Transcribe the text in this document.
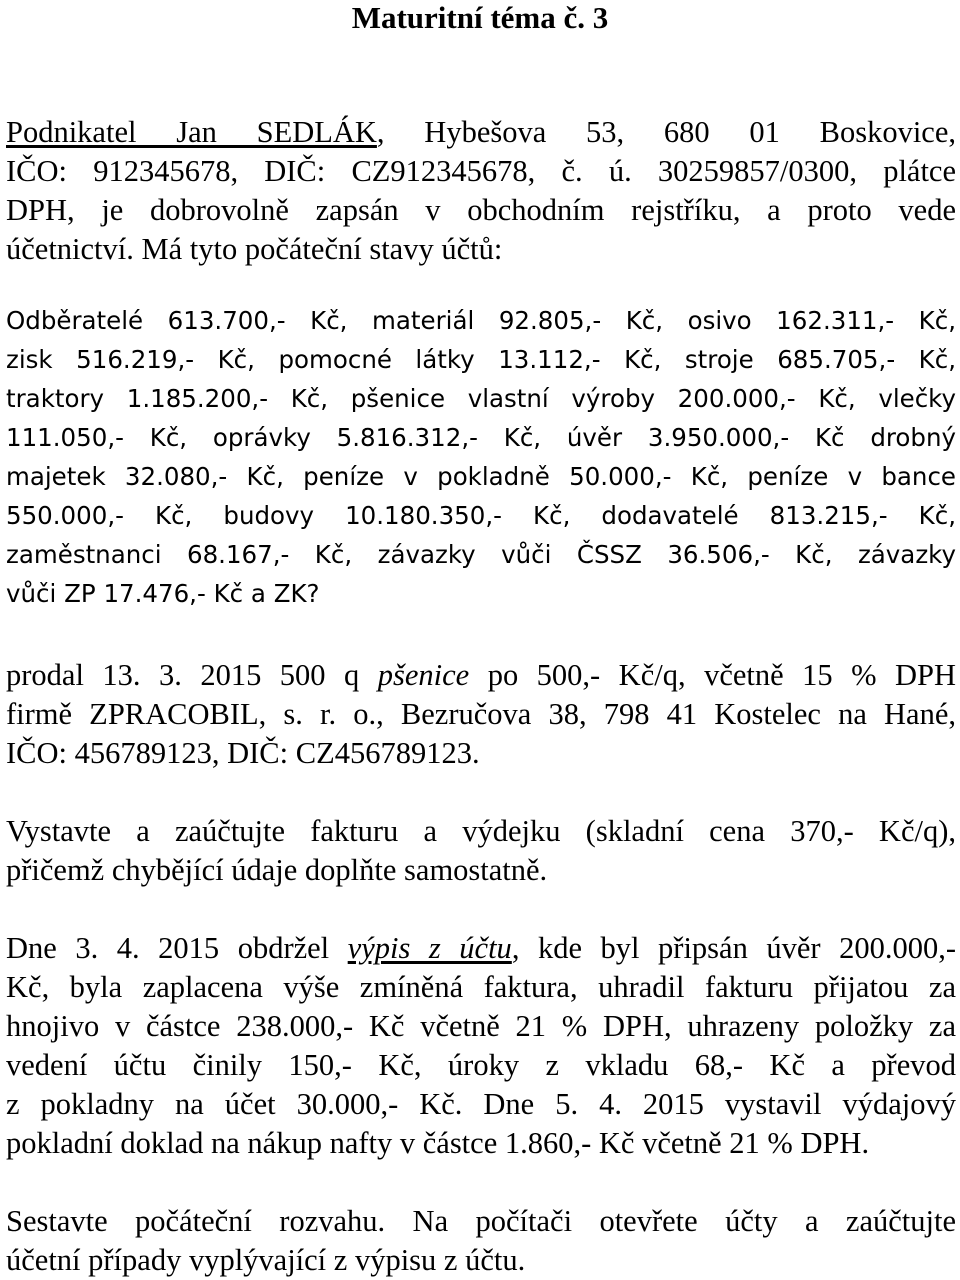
Maturitní téma č. 3
Podnikatel Jan SEDLÁK, Hybešova 53, 680 01 Boskovice,
IČO: 912345678, DIČ: CZ912345678, č. ú. 30259857/0300, plátce
DPH, je dobrovolně zapsán v obchodním rejstříku, a proto vede
účetnictví. Má tyto počáteční stavy účtů:
Odběratelé 613.700,- Kč, materiál 92.805,- Kč, osivo 162.311,- Kč,
zisk 516.219,- Kč, pomocné látky 13.112,- Kč, stroje 685.705,- Kč,
traktory 1.185.200,- Kč, pšenice vlastní výroby 200.000,- Kč, vlečky
111.050,- Kč, oprávky 5.816.312,- Kč, úvěr 3.950.000,- Kč drobný
majetek 32.080,- Kč, peníze v pokladně 50.000,- Kč, peníze v bance
550.000,- Kč, budovy 10.180.350,- Kč, dodavatelé 813.215,- Kč,
zaměstnanci 68.167,- Kč, závazky vůči ČSSZ 36.506,- Kč, závazky
vůči ZP 17.476,- Kč a ZK?
prodal 13. 3. 2015 500 q pšenice po 500,- Kč/q, včetně 15 % DPH
firmě ZPRACOBIL, s. r. o., Bezručova 38, 798 41 Kostelec na Hané,
IČO: 456789123, DIČ: CZ456789123.
Vystavte a zaúčtujte fakturu a výdejku (skladní cena 370,- Kč/q),
přičemž chybějící údaje doplňte samostatně.
Dne 3. 4. 2015 obdržel výpis z účtu, kde byl připsán úvěr 200.000,-
Kč, byla zaplacena výše zmíněná faktura, uhradil fakturu přijatou za
hnojivo v částce 238.000,- Kč včetně 21 % DPH, uhrazeny položky za
vedení účtu činily 150,- Kč, úroky z vkladu 68,- Kč a převod
z pokladny na účet 30.000,- Kč. Dne 5. 4. 2015 vystavil výdajový
pokladní doklad na nákup nafty v částce 1.860,- Kč včetně 21 % DPH.
Sestavte počáteční rozvahu. Na počítači otevřete účty a zaúčtujte
účetní případy vyplývající z výpisu z účtu.
